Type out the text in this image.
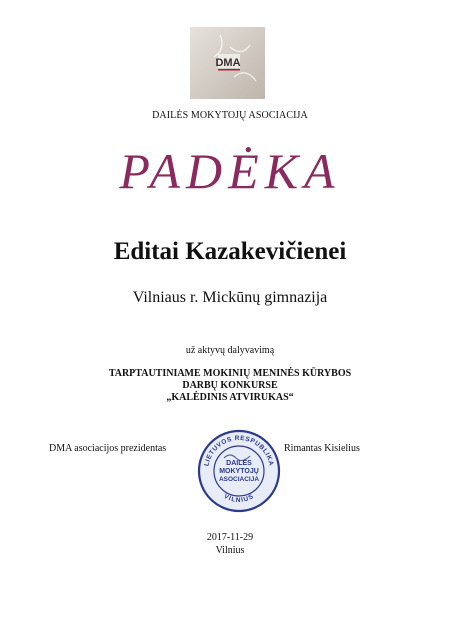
DMA
DAILĖS MOKYTOJŲ ASOCIACIJA
PADĖKA
Editai Kazakevičienei
Vilniaus r. Mickūnų gimnazija
už aktyvų dalyvavimą
TARPTAUTINIAME MOKINIŲ MENINĖS KŪRYBOS
DARBŲ KONKURSE
„KALĖDINIS ATVIRUKAS“
DMA asociacijos prezidentas
LIETUVOS RESPUBLIKA
VILNIUS
DAILĖS
MOKYTOJŲ
ASOCIACIJA
Rimantas Kisielius
2017-11-29
Vilnius
